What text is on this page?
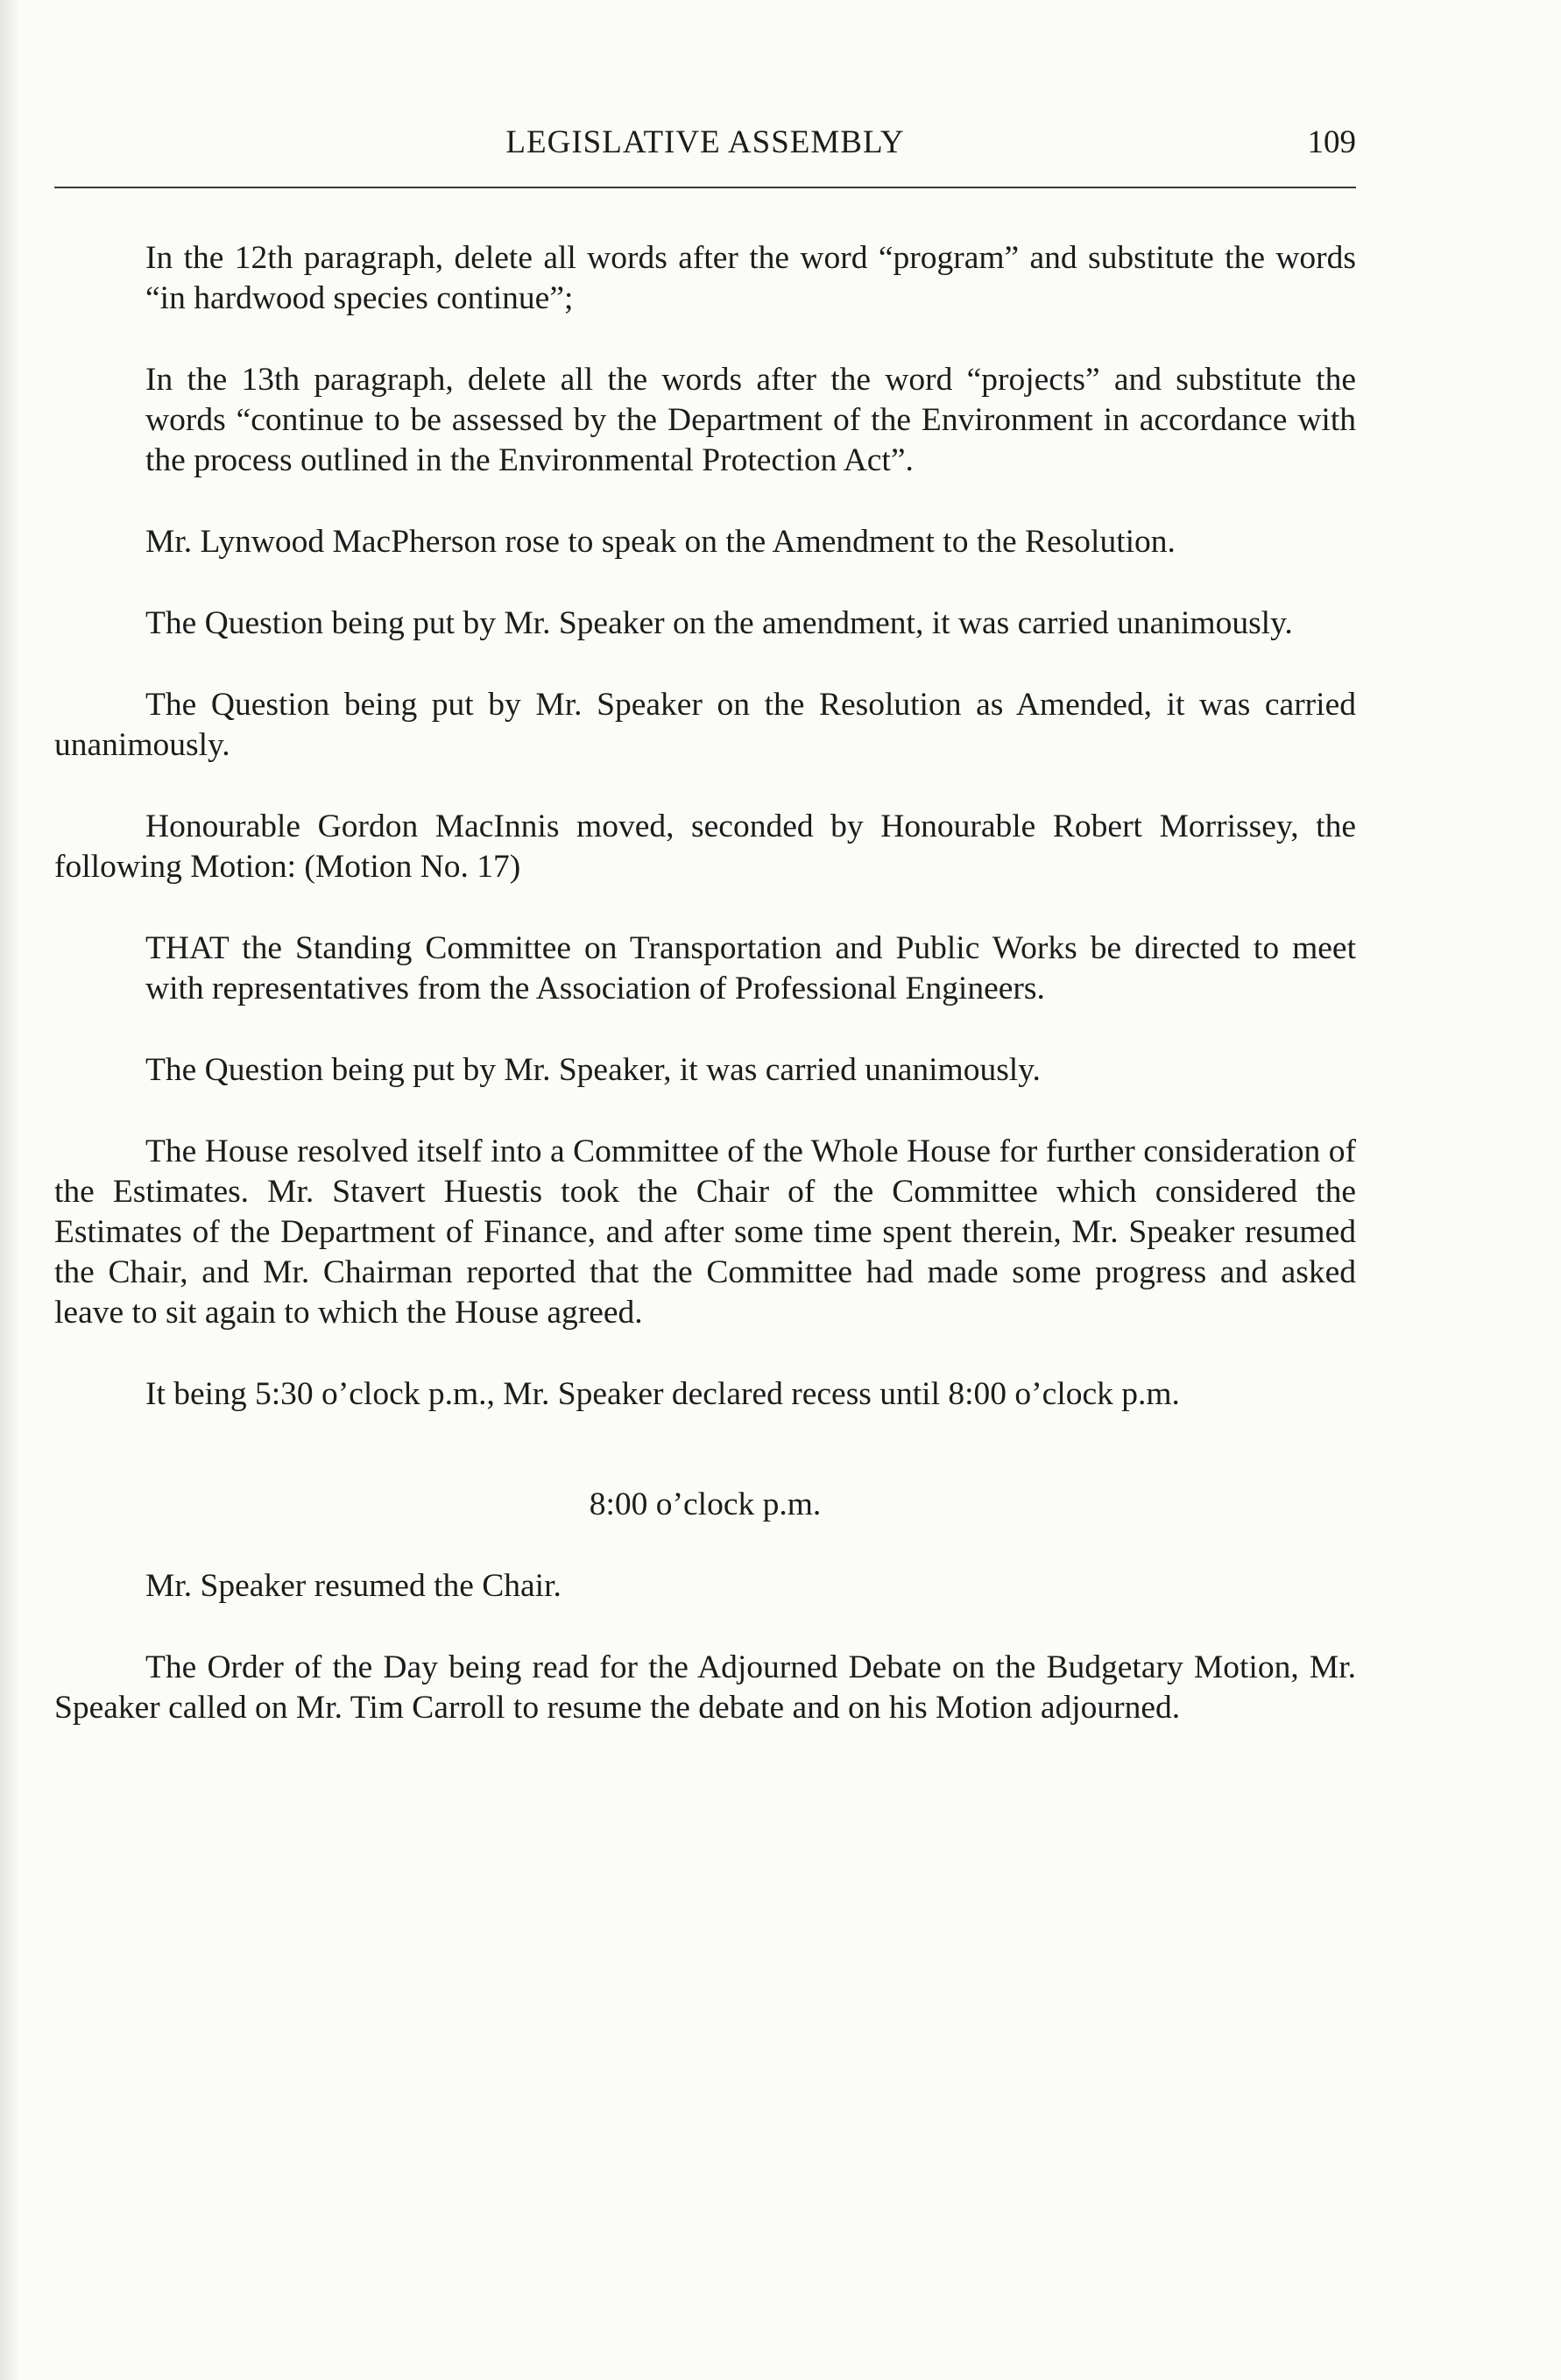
LEGISLATIVE ASSEMBLY	109

In the 12th paragraph, delete all words after the word “program” and substitute the words “in hardwood species continue”;

In the 13th paragraph, delete all the words after the word “projects” and substitute the words “continue to be assessed by the Department of the Environment in accordance with the process outlined in the Environmental Protection Act”.

Mr. Lynwood MacPherson rose to speak on the Amendment to the Resolution.

The Question being put by Mr. Speaker on the amendment, it was carried unanimously.

The Question being put by Mr. Speaker on the Resolution as Amended, it was carried unanimously.

Honourable Gordon MacInnis moved, seconded by Honourable Robert Morrissey, the following Motion: (Motion No. 17)

THAT the Standing Committee on Transportation and Public Works be directed to meet with representatives from the Association of Professional Engineers.

The Question being put by Mr. Speaker, it was carried unanimously.

The House resolved itself into a Committee of the Whole House for further consideration of the Estimates. Mr. Stavert Huestis took the Chair of the Committee which considered the Estimates of the Department of Finance, and after some time spent therein, Mr. Speaker resumed the Chair, and Mr. Chairman reported that the Committee had made some progress and asked leave to sit again to which the House agreed.

It being 5:30 o’clock p.m., Mr. Speaker declared recess until 8:00 o’clock p.m.

8:00 o’clock p.m.

Mr. Speaker resumed the Chair.

The Order of the Day being read for the Adjourned Debate on the Budgetary Motion, Mr. Speaker called on Mr. Tim Carroll to resume the debate and on his Motion adjourned.
